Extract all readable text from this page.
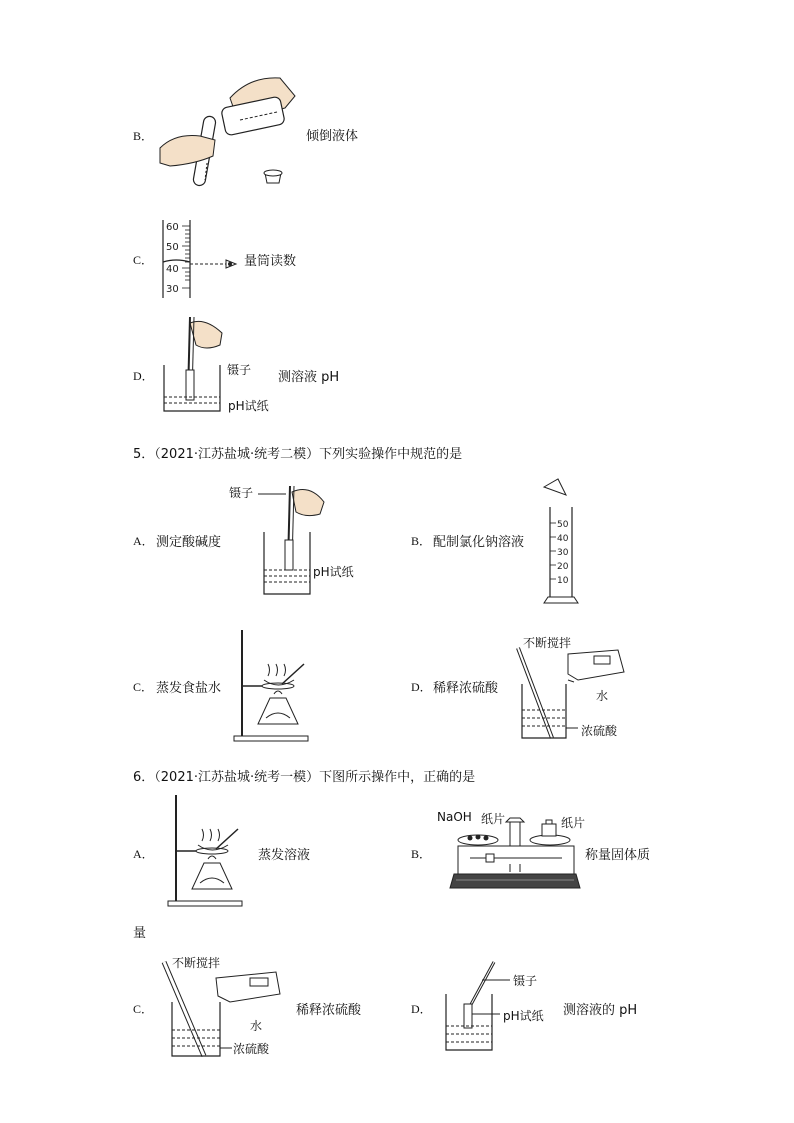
B．	倾倒液体
C．
60
50
40
30
量筒读数
D．	镊子 测溶液 pH
pH试纸
5．（2021·江苏盐城·统考二模）下列实验操作中规范的是
A． 测定酸碱度
镊子
pH试纸
B． 配制氯化钠溶液
50
40
30
20
10
C． 蒸发食盐水	D． 稀释浓硫酸
不断搅拌
水
浓硫酸
6．（2021·江苏盐城·统考一模）下图所示操作中，正确的是
A．	蒸发溶液	B．
NaOH 纸片	纸片
称量固体质
量
C．
不断搅拌
水
稀释浓硫酸
浓硫酸
D．
镊子
pH试纸 测溶液的 pH
